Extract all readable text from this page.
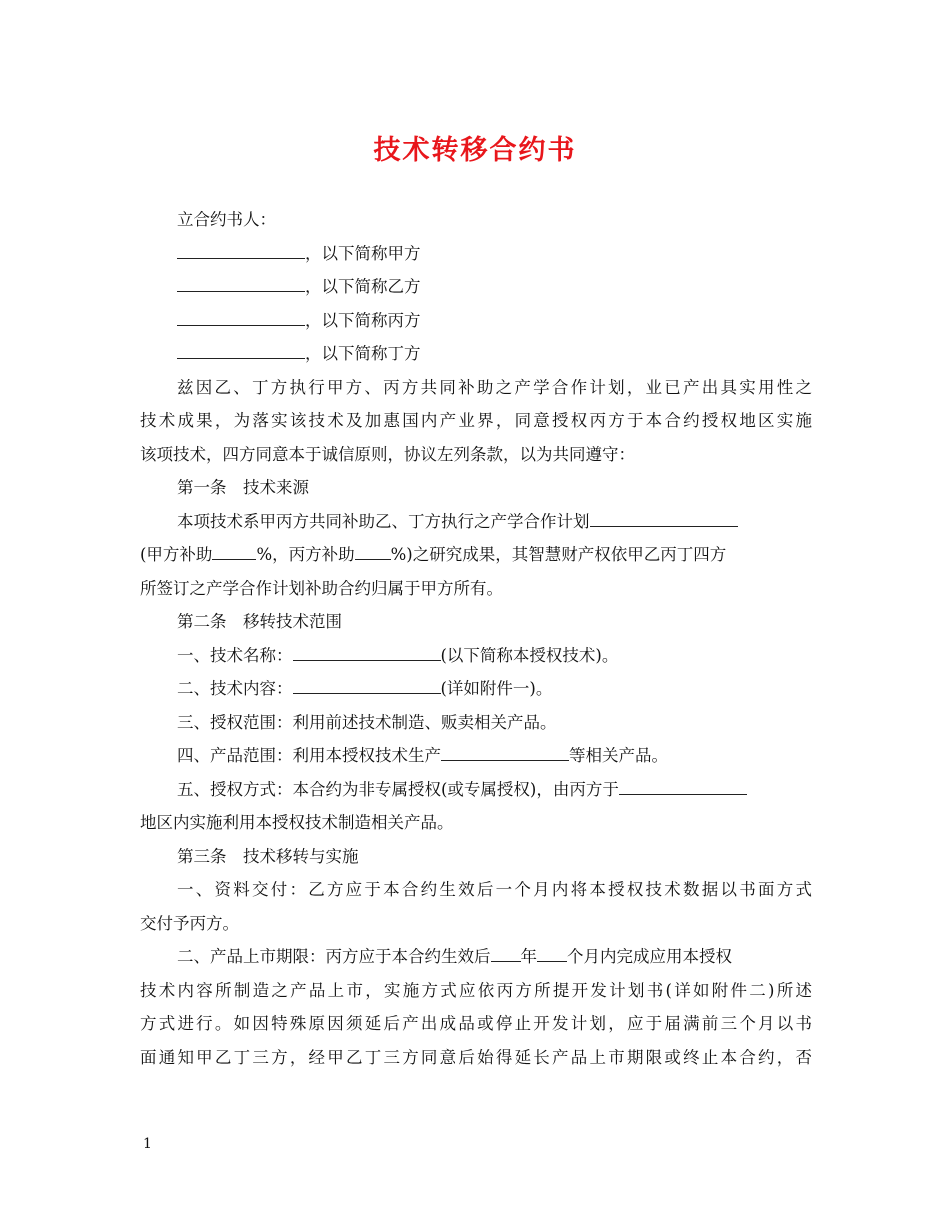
技术转移合约书
立合约书人：
，以下简称甲方
，以下简称乙方
，以下简称丙方
，以下简称丁方
兹因乙、丁方执行甲方、丙方共同补助之产学合作计划，业已产出具实用性之
技术成果，为落实该技术及加惠国内产业界，同意授权丙方于本合约授权地区实施
该项技术，四方同意本于诚信原则，协议左列条款，以为共同遵守：
第一条　技术来源
本项技术系甲丙方共同补助乙、丁方执行之产学合作计划
(甲方补助	%，丙方补助 %)之研究成果，其智慧财产权依甲乙丙丁四方
所签订之产学合作计划补助合约归属于甲方所有。
第二条　移转技术范围
一、技术名称：	(以下简称本授权技术)。
二、技术内容：	(详如附件一)。
三、授权范围：利用前述技术制造、贩卖相关产品。
四、产品范围：利用本授权技术生产	等相关产品。
五、授权方式：本合约为非专属授权(或专属授权)，由丙方于
地区内实施利用本授权技术制造相关产品。
第三条　技术移转与实施
一、资料交付：乙方应于本合约生效后一个月内将本授权技术数据以书面方式
交付予丙方。
二、产品上市期限：丙方应于本合约生效后 年 个月内完成应用本授权
技术内容所制造之产品上市，实施方式应依丙方所提开发计划书(详如附件二)所述
方式进行。如因特殊原因须延后产出成品或停止开发计划，应于届满前三个月以书
面通知甲乙丁三方，经甲乙丁三方同意后始得延长产品上市期限或终止本合约，否
1
